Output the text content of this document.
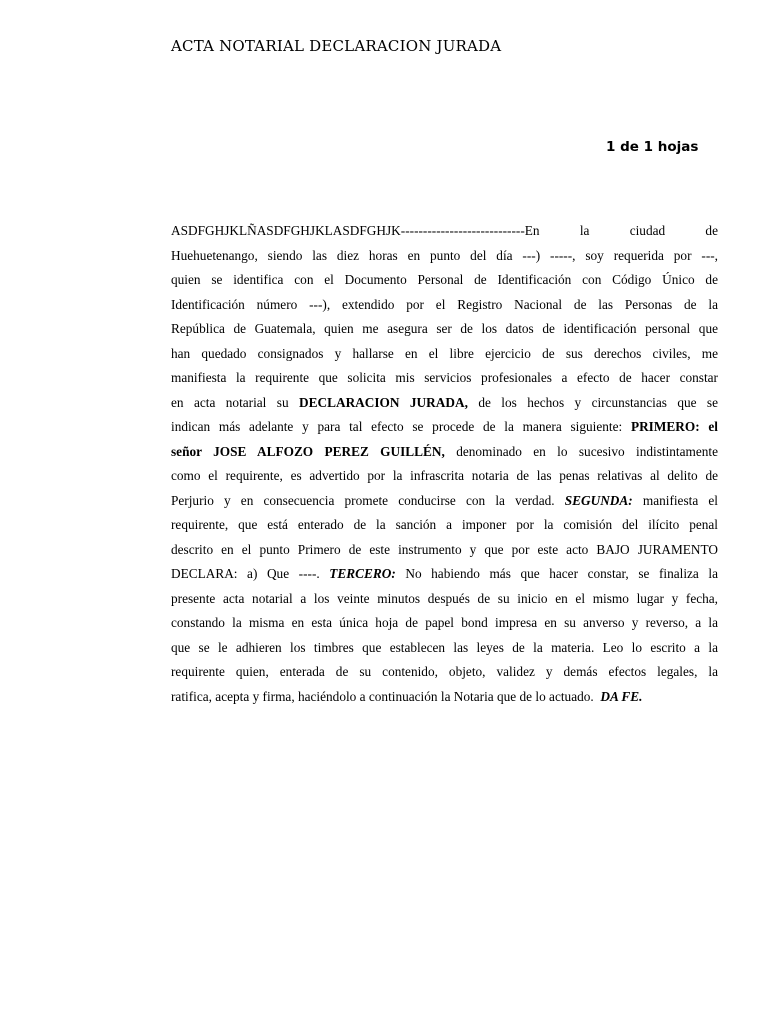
ACTA NOTARIAL DECLARACION JURADA
1 de 1 hojas
ASDFGHJKLÑASDFGHJKLASDFGHJK----------------------------En la ciudad de
Huehuetenango, siendo las diez horas en punto del día ---) -----, soy requerida por ---,
quien se identifica con el Documento Personal de Identificación con Código Único de
Identificación número ---), extendido por el Registro Nacional de las Personas de la
República de Guatemala, quien me asegura ser de los datos de identificación personal que
han quedado consignados y hallarse en el libre ejercicio de sus derechos civiles, me
manifiesta la requirente que solicita mis servicios profesionales a efecto de hacer constar
en acta notarial su DECLARACION JURADA, de los hechos y circunstancias que se
indican más adelante y para tal efecto se procede de la manera siguiente: PRIMERO: el
señor JOSE ALFOZO PEREZ GUILLÉN, denominado en lo sucesivo indistintamente
como el requirente, es advertido por la infrascrita notaria de las penas relativas al delito de
Perjurio y en consecuencia promete conducirse con la verdad. SEGUNDA: manifiesta el
requirente, que está enterado de la sanción a imponer por la comisión del ilícito penal
descrito en el punto Primero de este instrumento y que por este acto BAJO JURAMENTO
DECLARA: a) Que ----. TERCERO: No habiendo más que hacer constar, se finaliza la
presente acta notarial a los veinte minutos después de su inicio en el mismo lugar y fecha,
constando la misma en esta única hoja de papel bond impresa en su anverso y reverso, a la
que se le adhieren los timbres que establecen las leyes de la materia. Leo lo escrito a la
requirente quien, enterada de su contenido, objeto, validez y demás efectos legales, la
ratifica, acepta y firma, haciéndolo a continuación la Notaria que de lo actuado.  DA FE.
